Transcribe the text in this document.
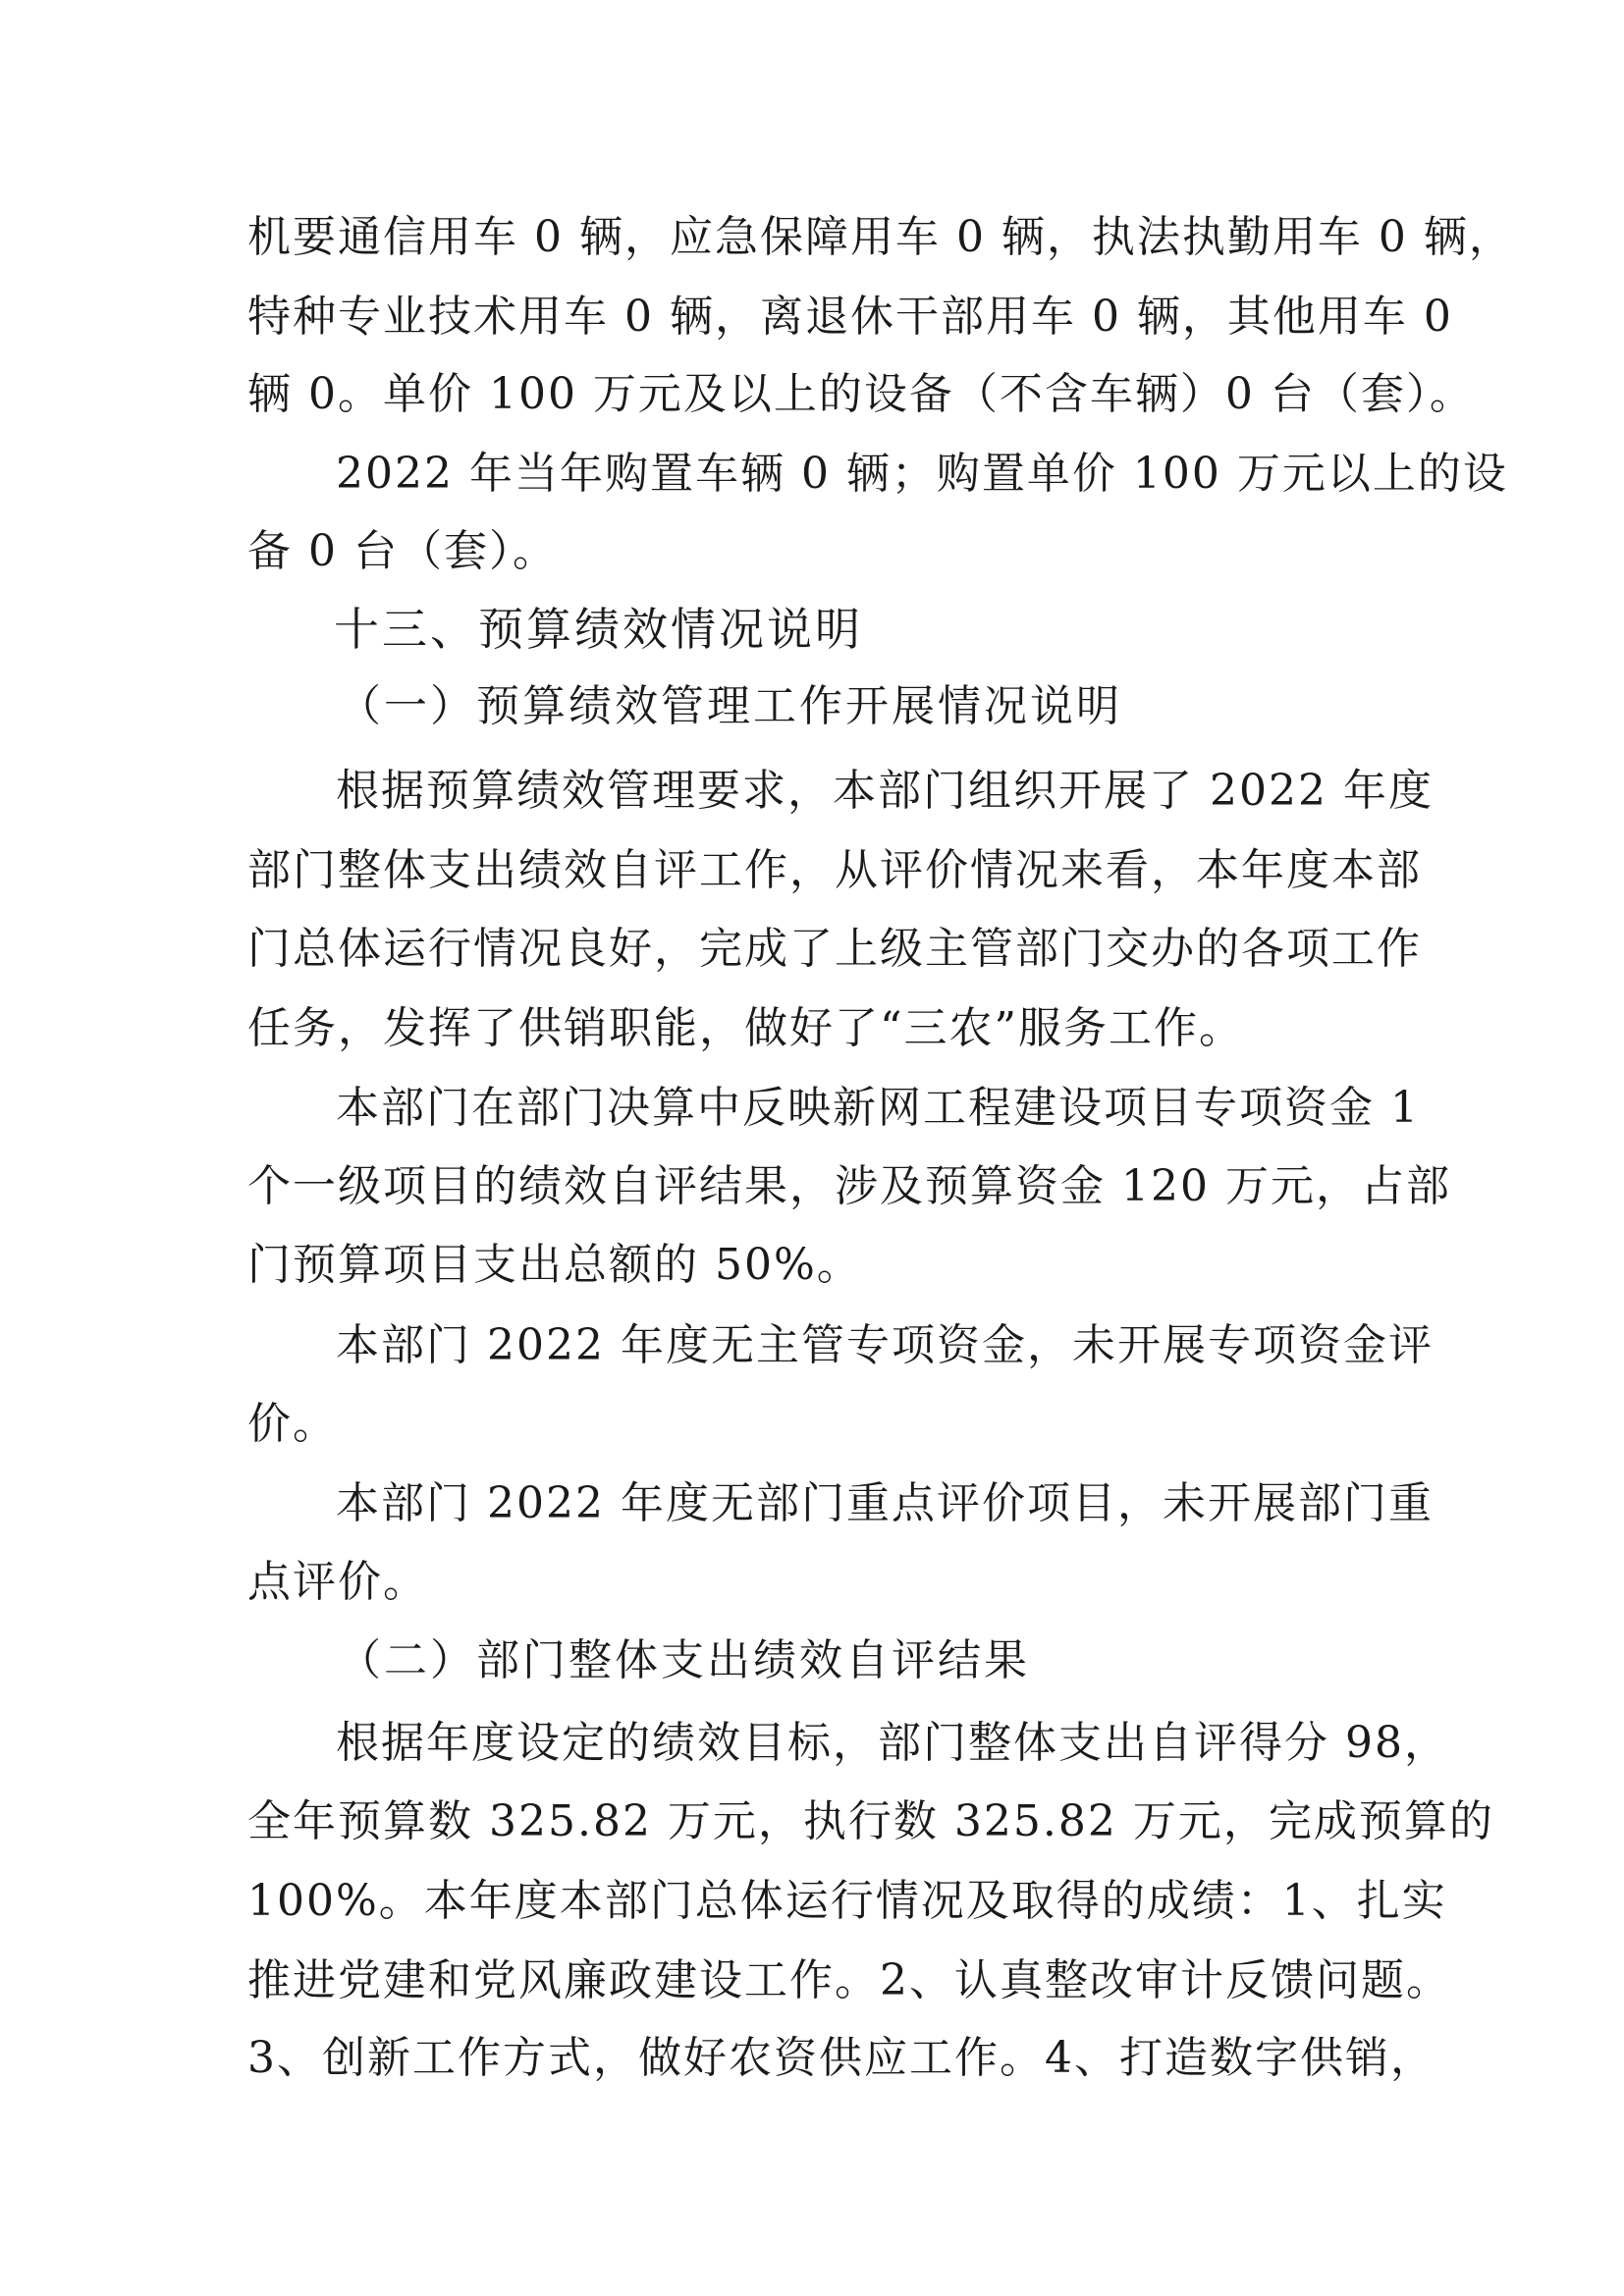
机要通信用车 0 辆，应急保障用车 0 辆，执法执勤用车 0 辆，
特种专业技术用车 0 辆，离退休干部用车 0 辆，其他用车 0
辆 0。单价 100 万元及以上的设备（不含车辆）0 台（套）。
2022 年当年购置车辆 0 辆；购置单价 100 万元以上的设
备 0 台（套）。
十三、预算绩效情况说明
（一）预算绩效管理工作开展情况说明
根据预算绩效管理要求，本部门组织开展了 2022 年度
部门整体支出绩效自评工作，从评价情况来看，本年度本部
门总体运行情况良好，完成了上级主管部门交办的各项工作
任务，发挥了供销职能，做好了“三农”服务工作。
本部门在部门决算中反映新网工程建设项目专项资金 1
个一级项目的绩效自评结果，涉及预算资金 120 万元，占部
门预算项目支出总额的 50%。
本部门 2022 年度无主管专项资金，未开展专项资金评
价。
本部门 2022 年度无部门重点评价项目，未开展部门重
点评价。
（二）部门整体支出绩效自评结果
根据年度设定的绩效目标，部门整体支出自评得分 98，
全年预算数 325.82 万元，执行数 325.82 万元，完成预算的
100%。本年度本部门总体运行情况及取得的成绩：1、扎实
推进党建和党风廉政建设工作。2、认真整改审计反馈问题。
3、创新工作方式，做好农资供应工作。4、打造数字供销，
